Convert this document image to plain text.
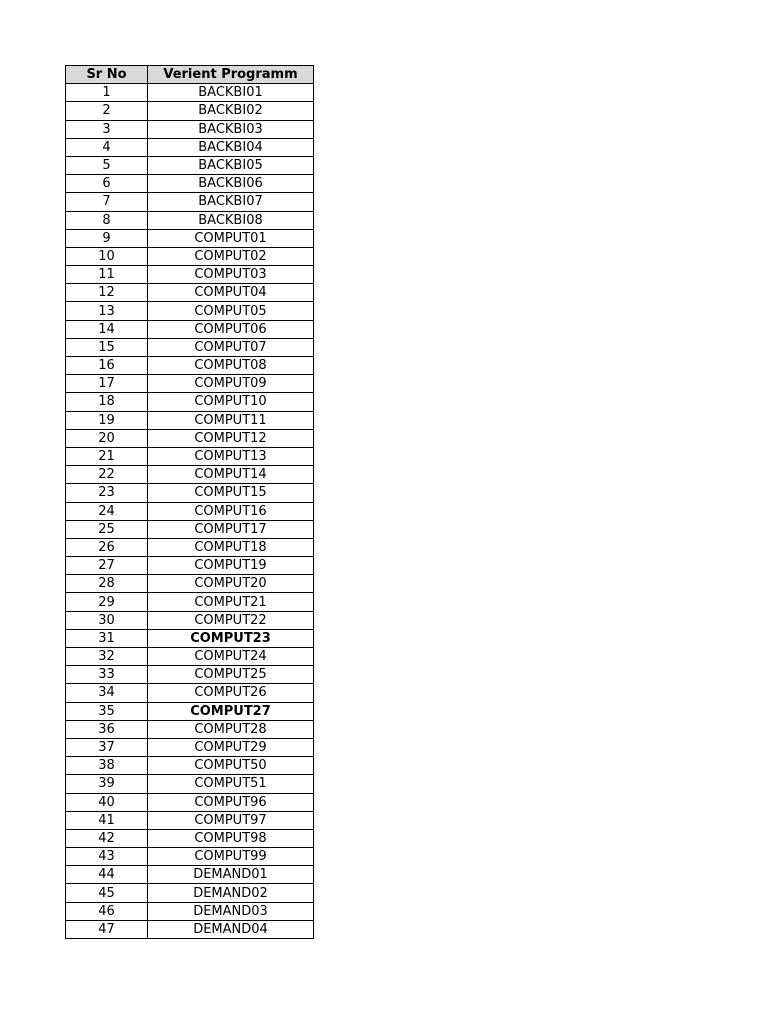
Sr No	Verient Programm
1	BACKBI01
2	BACKBI02
3	BACKBI03
4	BACKBI04
5	BACKBI05
6	BACKBI06
7	BACKBI07
8	BACKBI08
9	COMPUT01
10	COMPUT02
11	COMPUT03
12	COMPUT04
13	COMPUT05
14	COMPUT06
15	COMPUT07
16	COMPUT08
17	COMPUT09
18	COMPUT10
19	COMPUT11
20	COMPUT12
21	COMPUT13
22	COMPUT14
23	COMPUT15
24	COMPUT16
25	COMPUT17
26	COMPUT18
27	COMPUT19
28	COMPUT20
29	COMPUT21
30	COMPUT22
31	COMPUT23
32	COMPUT24
33	COMPUT25
34	COMPUT26
35	COMPUT27
36	COMPUT28
37	COMPUT29
38	COMPUT50
39	COMPUT51
40	COMPUT96
41	COMPUT97
42	COMPUT98
43	COMPUT99
44	DEMAND01
45	DEMAND02
46	DEMAND03
47	DEMAND04
